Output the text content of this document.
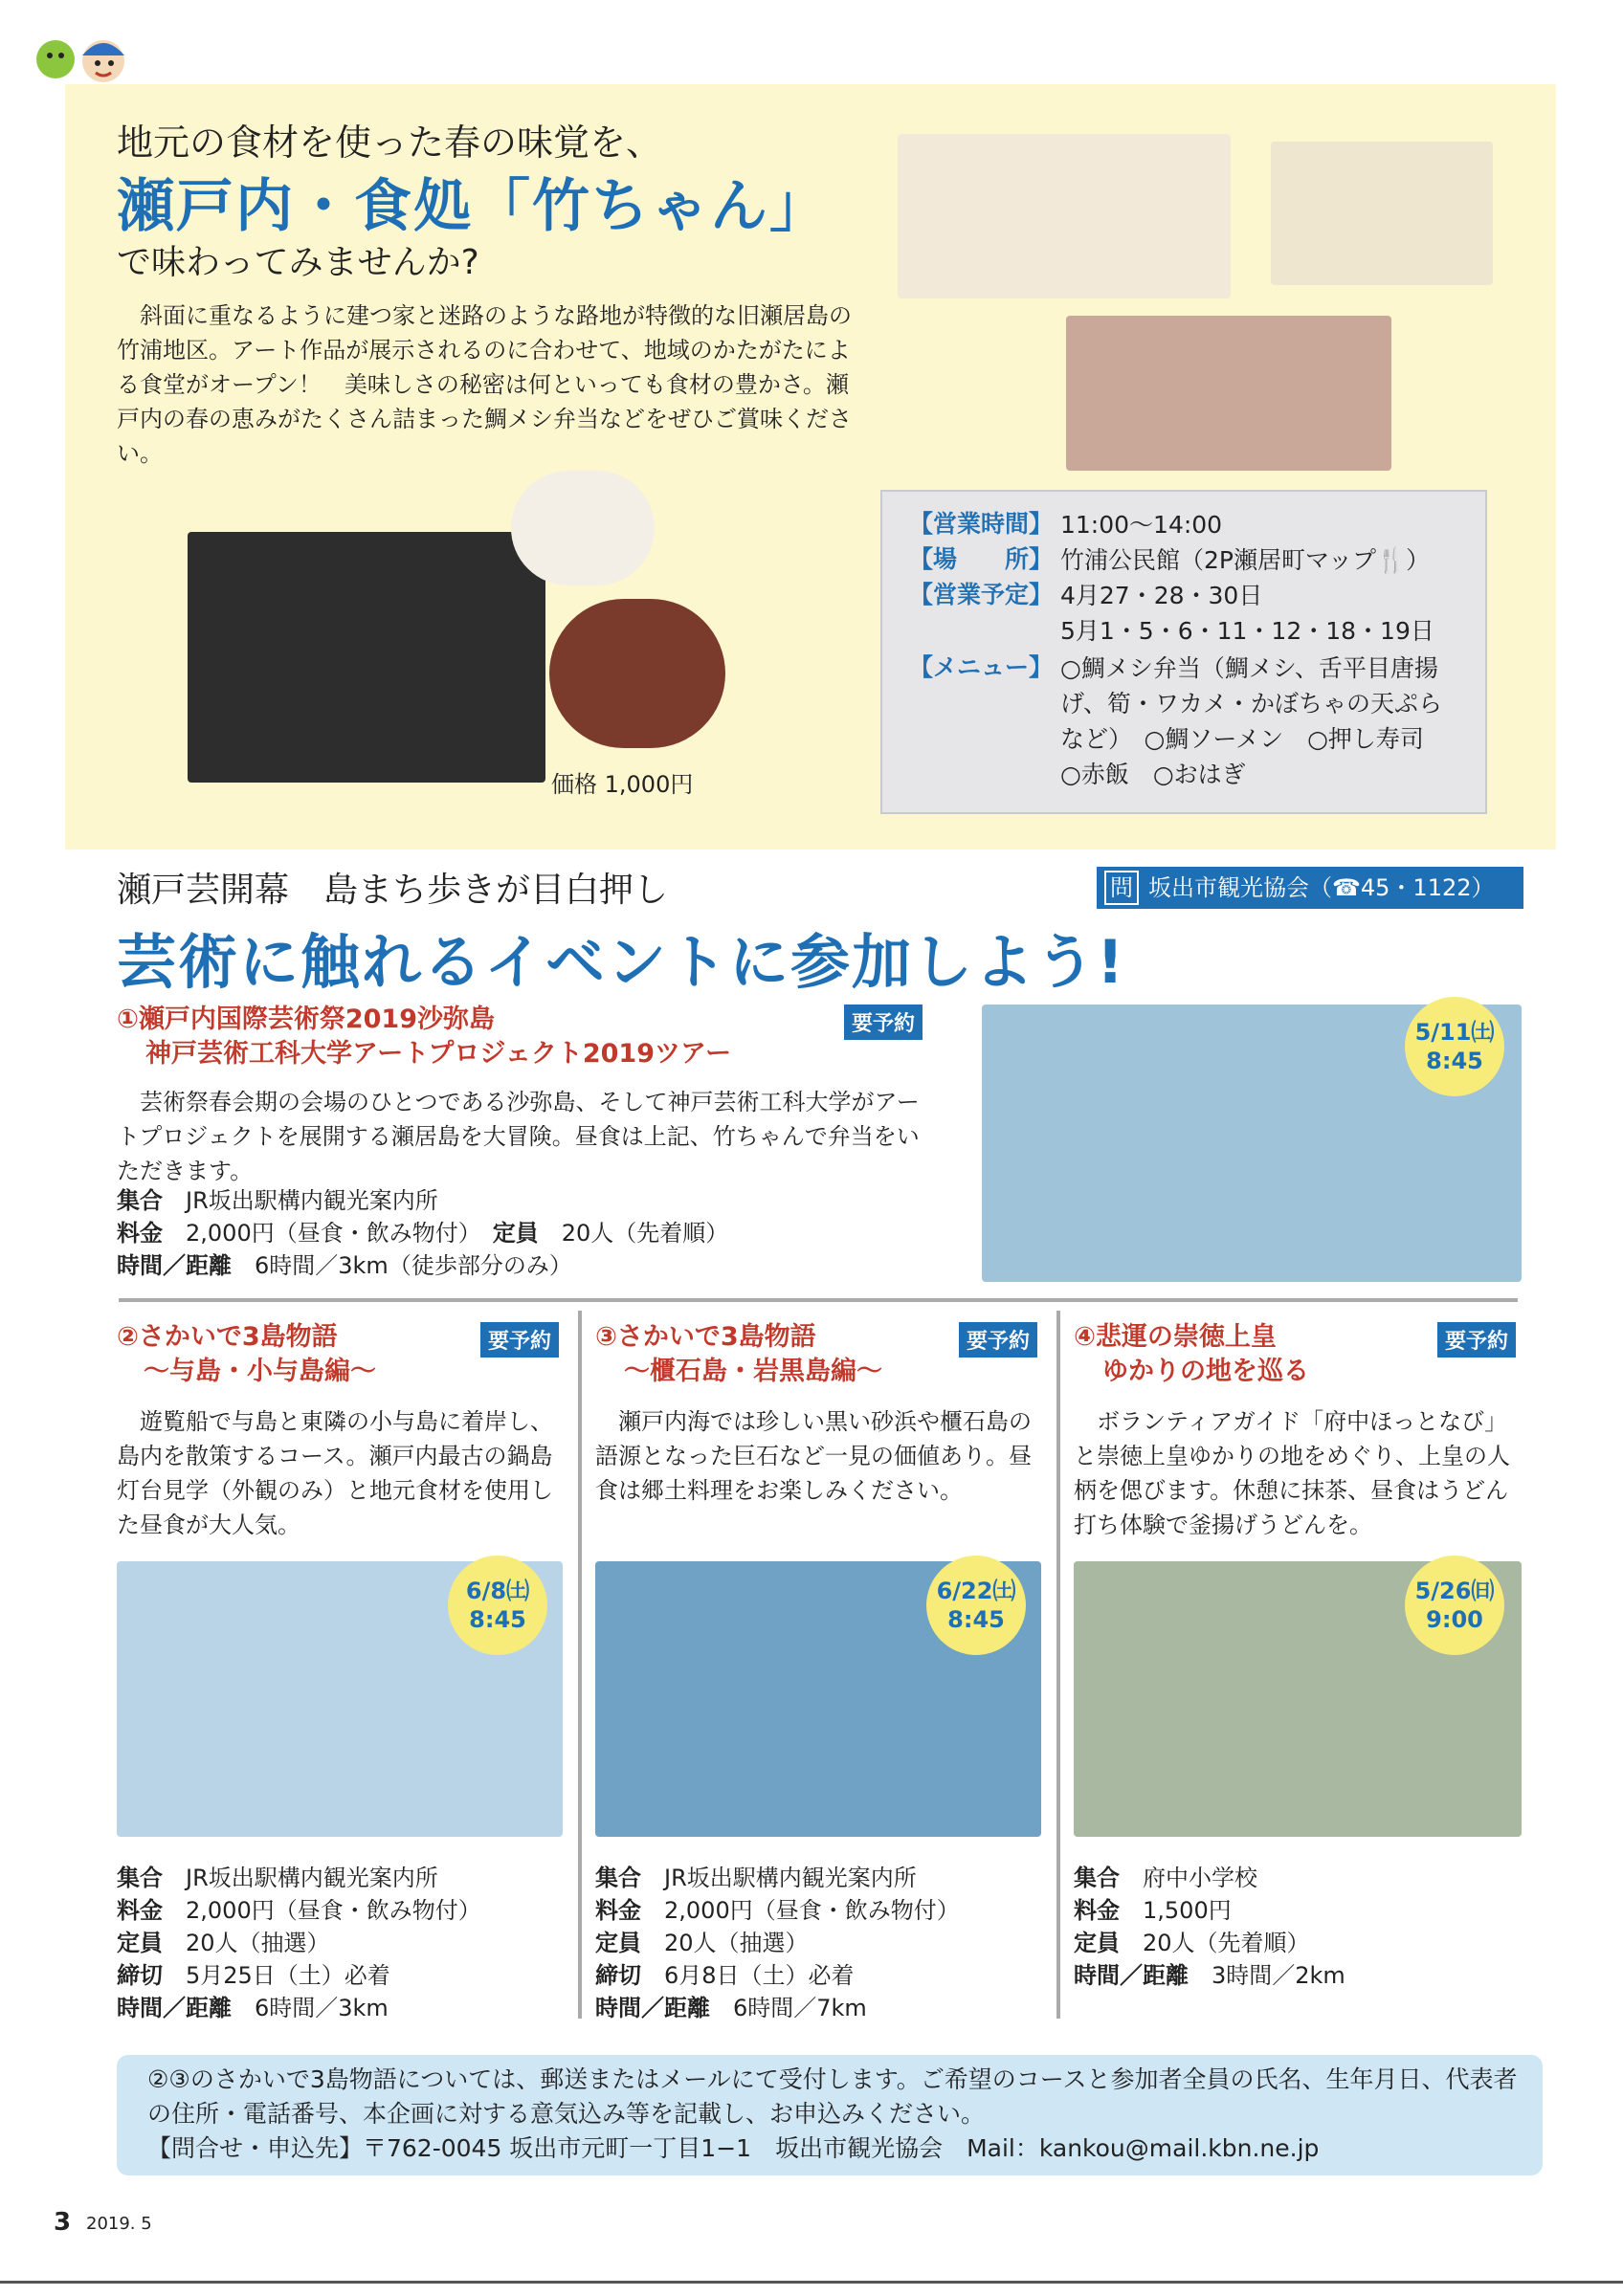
地元の食材を使った春の味覚を、
瀬戸内・食処「竹ちゃん」
で味わってみませんか?
斜面に重なるように建つ家と迷路のような路地が特徴的な旧瀬居島の竹浦地区。アート作品が展示されるのに合わせて、地域のかたがたによる食堂がオープン！　美味しさの秘密は何といっても食材の豊かさ。瀬戸内の春の恵みがたくさん詰まった鯛メシ弁当などをぜひご賞味ください。
価格 1,000円
【営業時間】 11:00〜14:00
【場　　所】 竹浦公民館（2P瀬居町マップ🍴）
【営業予定】 4月27・28・30日
5月1・5・6・11・12・18・19日
【メニュー】 ○鯛メシ弁当（鯛メシ、舌平目唐揚げ、筍・ワカメ・かぼちゃの天ぷらなど）　○鯛ソーメン　○押し寿司　○赤飯　○おはぎ
瀬戸芸開幕　島まち歩きが目白押し	問 坂出市観光協会（☎45・1122）
芸術に触れるイベントに参加しよう!
①瀬戸内国際芸術祭2019沙弥島
神戸芸術工科大学アートプロジェクト2019ツアー
要予約
芸術祭春会期の会場のひとつである沙弥島、そして神戸芸術工科大学がアートプロジェクトを展開する瀬居島を大冒険。昼食は上記、竹ちゃんで弁当をいただきます。
集合　 JR坂出駅構内観光案内所
料金　 2,000円（昼食・飲み物付）　 定員　 20人（先着順）
時間／距離　 6時間／3km（徒歩部分のみ）
5/11㈯
8:45
②さかいで3島物語
〜与島・小与島編〜
要予約
遊覧船で与島と東隣の小与島に着岸し、島内を散策するコース。瀬戸内最古の鍋島灯台見学（外観のみ）と地元食材を使用した昼食が大人気。
6/8㈯
8:45
集合　 JR坂出駅構内観光案内所
料金　 2,000円（昼食・飲み物付）
定員　 20人（抽選）
締切　 5月25日（土）必着
時間／距離　 6時間／3km
③さかいで3島物語
〜櫃石島・岩黒島編〜
要予約
瀬戸内海では珍しい黒い砂浜や櫃石島の語源となった巨石など一見の価値あり。昼食は郷土料理をお楽しみください。
6/22㈯
8:45
集合　 JR坂出駅構内観光案内所
料金　 2,000円（昼食・飲み物付）
定員　 20人（抽選）
締切　 6月8日（土）必着
時間／距離　 6時間／7km
④悲運の崇徳上皇
ゆかりの地を巡る
要予約
ボランティアガイド「府中ほっとなび」と崇徳上皇ゆかりの地をめぐり、上皇の人柄を偲びます。休憩に抹茶、昼食はうどん打ち体験で釜揚げうどんを。
5/26㈰
9:00
集合　 府中小学校
料金　 1,500円
定員　 20人（先着順）
時間／距離　 3時間／2km
②③のさかいで3島物語については、郵送またはメールにて受付します。ご希望のコースと参加者全員の氏名、生年月日、代表者の住所・電話番号、本企画に対する意気込み等を記載し、お申込みください。
【問合せ・申込先】〒762-0045 坂出市元町一丁目1−1　坂出市観光協会　Mail：kankou@mail.kbn.ne.jp
3 2019. 5
